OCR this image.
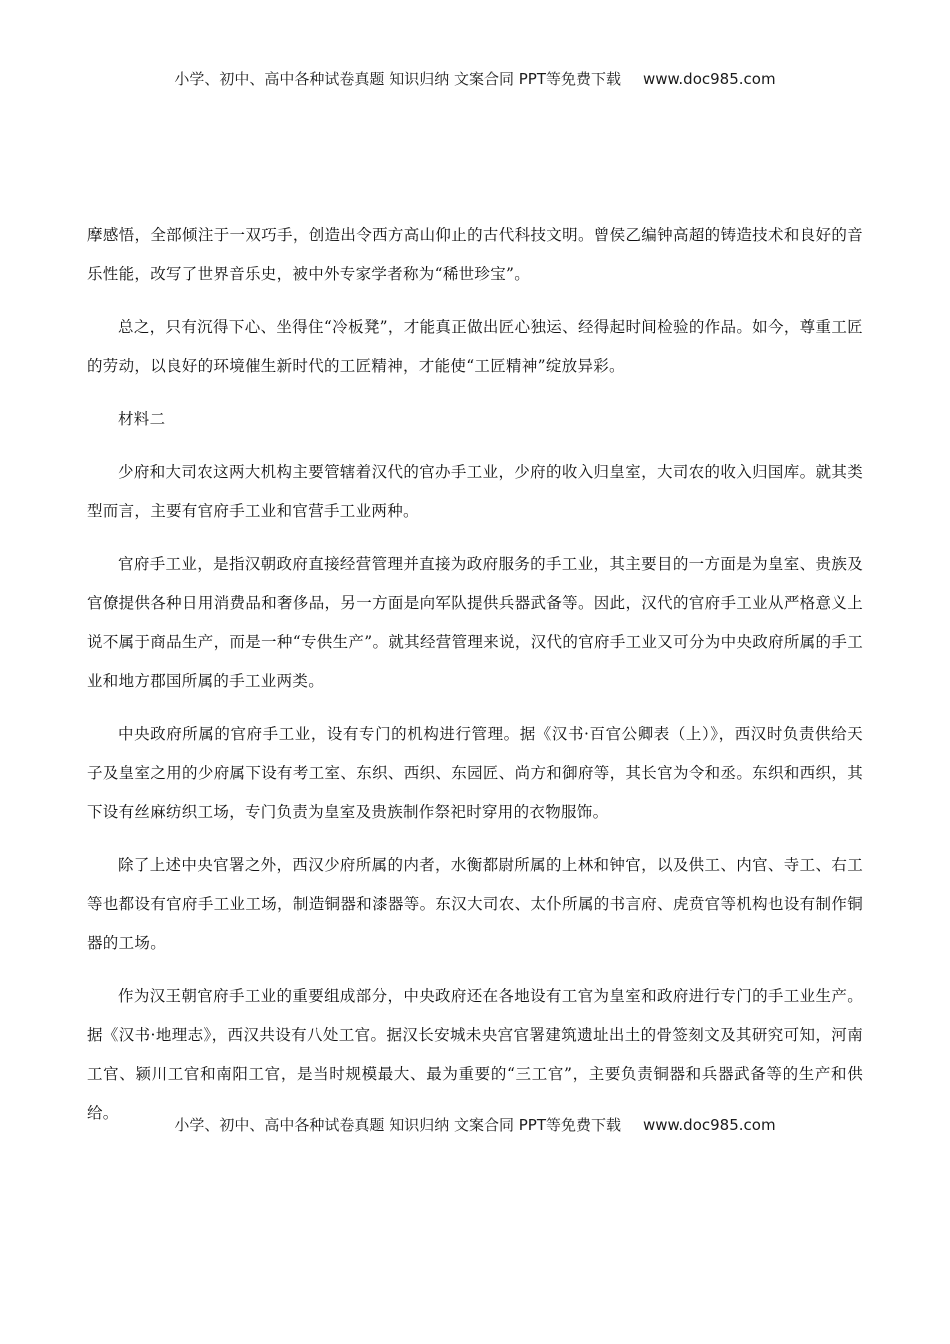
小学、初中、高中各种试卷真题 知识归纳 文案合同 PPT等免费下载 www.doc985.com

摩感悟，全部倾注于一双巧手，创造出令西方高山仰止的古代科技文明。曾侯乙编钟高超的铸造技术和良好的音乐性能，改写了世界音乐史，被中外专家学者称为“稀世珍宝”。

总之，只有沉得下心、坐得住“冷板凳”，才能真正做出匠心独运、经得起时间检验的作品。如今，尊重工匠的劳动，以良好的环境催生新时代的工匠精神，才能使“工匠精神”绽放异彩。

材料二

少府和大司农这两大机构主要管辖着汉代的官办手工业，少府的收入归皇室，大司农的收入归国库。就其类型而言，主要有官府手工业和官营手工业两种。

官府手工业，是指汉朝政府直接经营管理并直接为政府服务的手工业，其主要目的一方面是为皇室、贵族及官僚提供各种日用消费品和奢侈品，另一方面是向军队提供兵器武备等。因此，汉代的官府手工业从严格意义上说不属于商品生产，而是一种“专供生产”。就其经营管理来说，汉代的官府手工业又可分为中央政府所属的手工业和地方郡国所属的手工业两类。

中央政府所属的官府手工业，设有专门的机构进行管理。据《汉书·百官公卿表（上）》，西汉时负责供给天子及皇室之用的少府属下设有考工室、东织、西织、东园匠、尚方和御府等，其长官为令和丞。东织和西织，其下设有丝麻纺织工场，专门负责为皇室及贵族制作祭祀时穿用的衣物服饰。

除了上述中央官署之外，西汉少府所属的内者，水衡都尉所属的上林和钟官，以及供工、内官、寺工、右工等也都设有官府手工业工场，制造铜器和漆器等。东汉大司农、太仆所属的书言府、虎贲官等机构也设有制作铜器的工场。

作为汉王朝官府手工业的重要组成部分，中央政府还在各地设有工官为皇室和政府进行专门的手工业生产。据《汉书·地理志》，西汉共设有八处工官。据汉长安城未央宫官署建筑遗址出土的骨签刻文及其研究可知，河南工官、颍川工官和南阳工官，是当时规模最大、最为重要的“三工官”，主要负责铜器和兵器武备等的生产和供给。

小学、初中、高中各种试卷真题 知识归纳 文案合同 PPT等免费下载 www.doc985.com
